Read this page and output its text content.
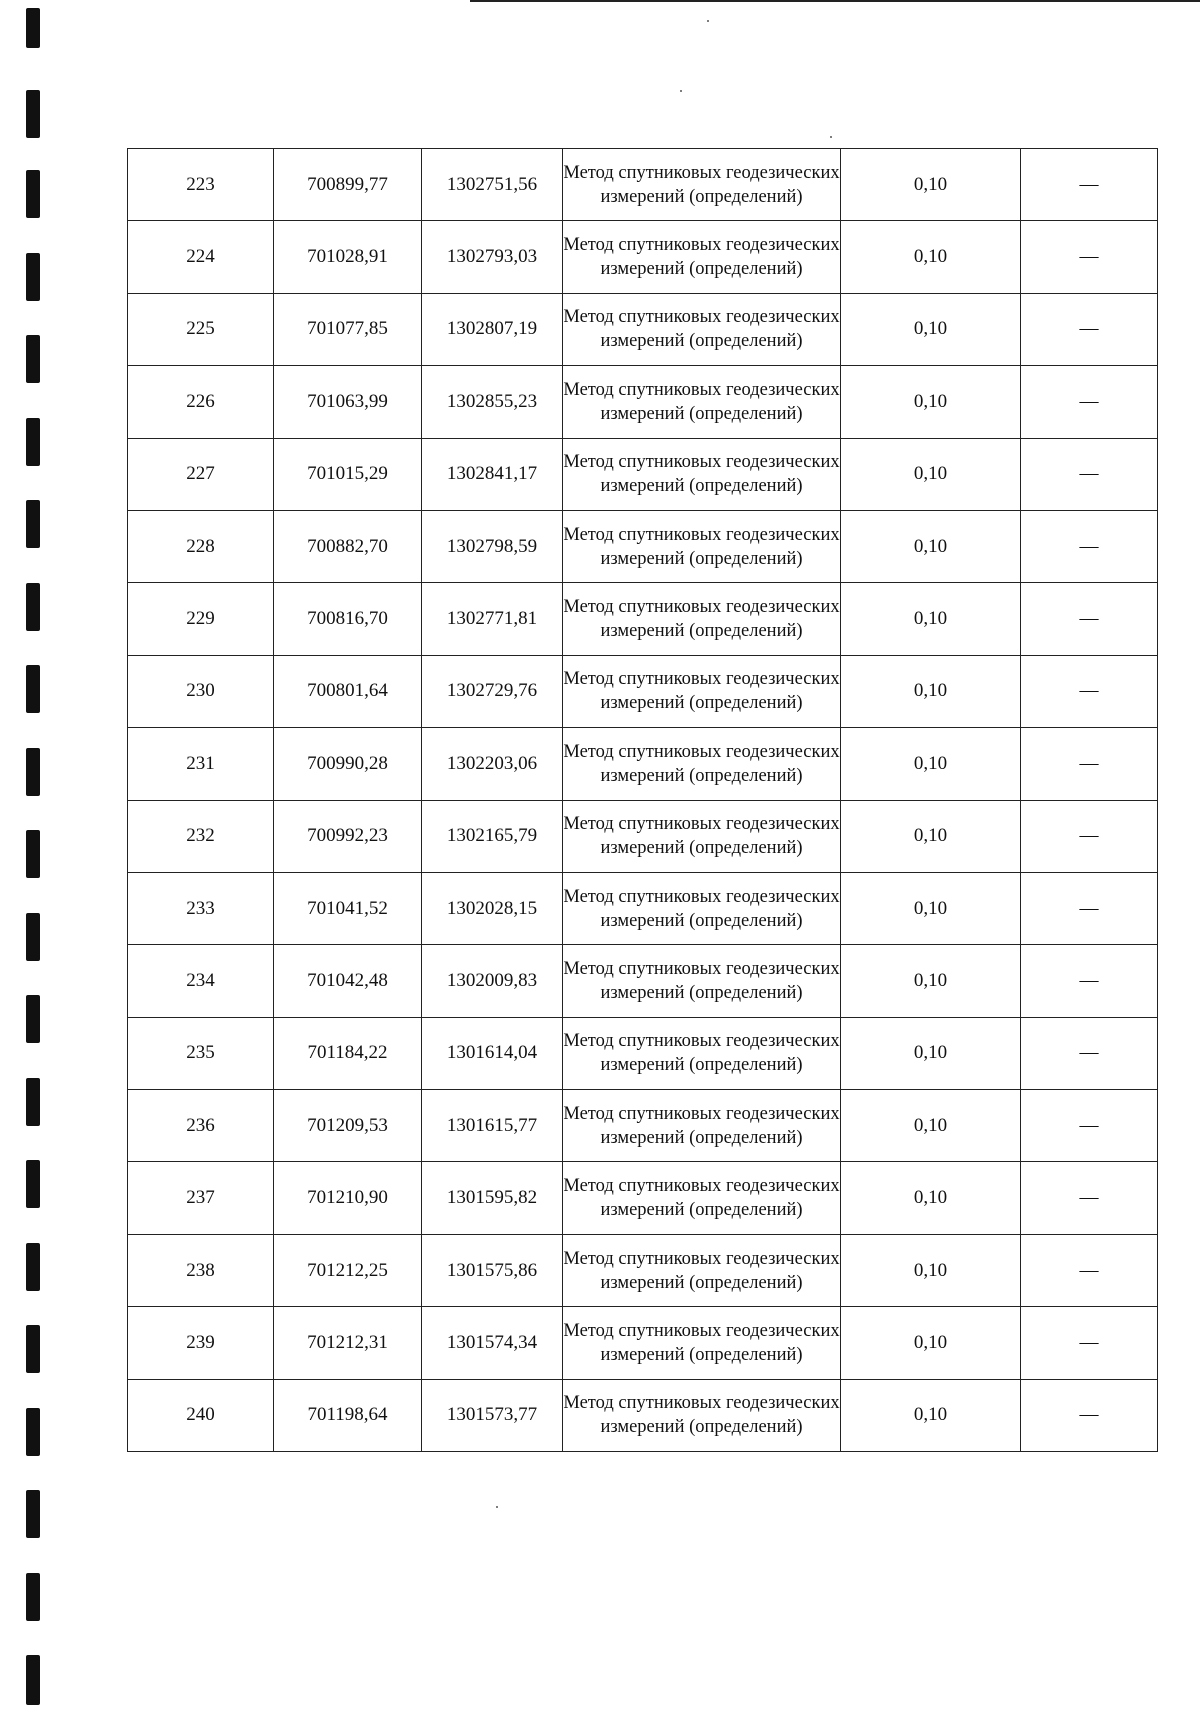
223	700899,77	1302751,56	Метод спутниковых геодезических измерений (определений)	0,10	—
224	701028,91	1302793,03	Метод спутниковых геодезических измерений (определений)	0,10	—
225	701077,85	1302807,19	Метод спутниковых геодезических измерений (определений)	0,10	—
226	701063,99	1302855,23	Метод спутниковых геодезических измерений (определений)	0,10	—
227	701015,29	1302841,17	Метод спутниковых геодезических измерений (определений)	0,10	—
228	700882,70	1302798,59	Метод спутниковых геодезических измерений (определений)	0,10	—
229	700816,70	1302771,81	Метод спутниковых геодезических измерений (определений)	0,10	—
230	700801,64	1302729,76	Метод спутниковых геодезических измерений (определений)	0,10	—
231	700990,28	1302203,06	Метод спутниковых геодезических измерений (определений)	0,10	—
232	700992,23	1302165,79	Метод спутниковых геодезических измерений (определений)	0,10	—
233	701041,52	1302028,15	Метод спутниковых геодезических измерений (определений)	0,10	—
234	701042,48	1302009,83	Метод спутниковых геодезических измерений (определений)	0,10	—
235	701184,22	1301614,04	Метод спутниковых геодезических измерений (определений)	0,10	—
236	701209,53	1301615,77	Метод спутниковых геодезических измерений (определений)	0,10	—
237	701210,90	1301595,82	Метод спутниковых геодезических измерений (определений)	0,10	—
238	701212,25	1301575,86	Метод спутниковых геодезических измерений (определений)	0,10	—
239	701212,31	1301574,34	Метод спутниковых геодезических измерений (определений)	0,10	—
240	701198,64	1301573,77	Метод спутниковых геодезических измерений (определений)	0,10	—
